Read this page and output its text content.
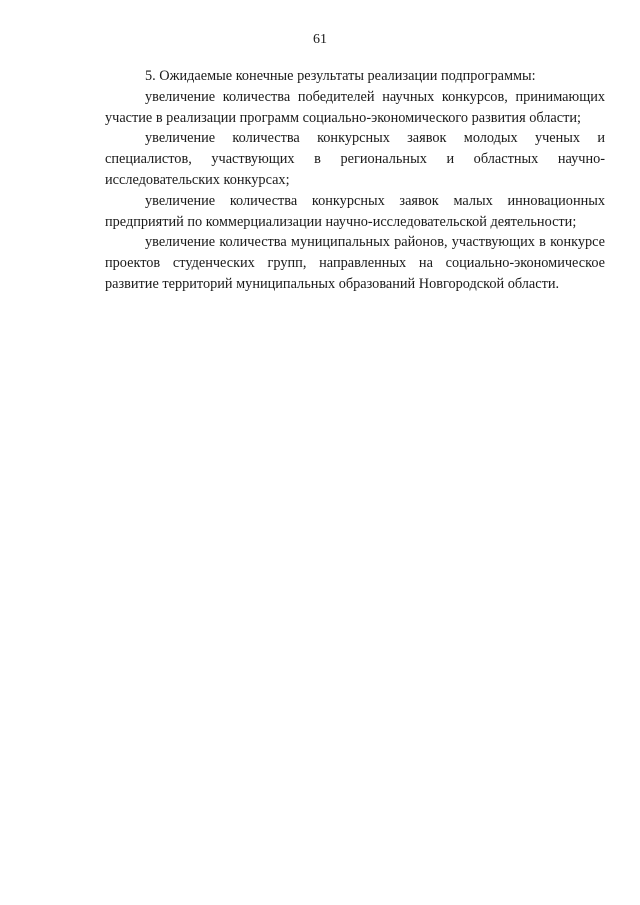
61

5. Ожидаемые конечные результаты реализации подпрограммы:

увеличение количества победителей научных конкурсов, принимающих участие в реализации программ социально-экономического развития области;

увеличение количества конкурсных заявок молодых ученых и специалистов, участвующих в региональных и областных научно-исследовательских конкурсах;

увеличение количества конкурсных заявок малых инновационных предприятий по коммерциализации научно-исследовательской деятельности;

увеличение количества муниципальных районов, участвующих в конкурсе проектов студенческих групп, направленных на социально-экономическое развитие территорий муниципальных образований Новгородской области.
